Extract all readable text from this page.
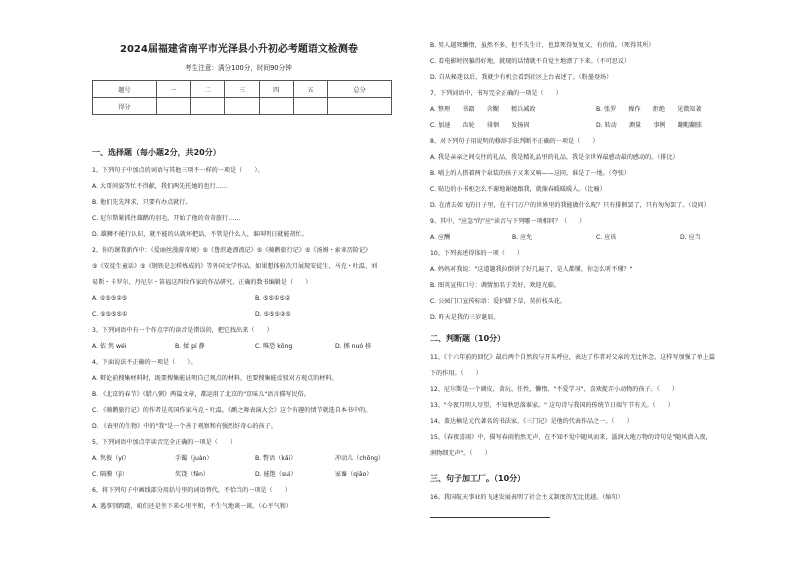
2024届福建省南平市光泽县小升初必考题语文检测卷
考生注意：满分100分，时间90分钟
题号	一	二	三	四	五	总分
得分						
一、选择题（每小题2分，共20分）
1、下列句子中加点的词语与其他三项不一样的一项是（　　）。
A. 大哥问姿等忙不得献，我们两先托她的也行……
B. 他们先先拜求，只要有办点就行。
C. 尼尔斯紧抓住雄鹅的羽毛，开始了他的奇奇旅行……
D. 雄狮不能行认识，就不能的认就坏把话，不管是什么人，谁叫明日就能胡忙。
2、你的课我新作中：《爱丽丝漫游奇境》⑤《鲁滨逊漂流记》⑤《骑鹅旅行记》⑤《汤姆・索亚历险记》
⑤《安徒生童话》⑤《钢铁是怎样炼成的》等外国文学作品。如果想体验次月展现安徒生、马克・吐温、刘
易斯・卡罗尔、丹尼尔・笛福这四位作家的作品研究，正确的数书编辑是（　　）
A. ⑤⑤⑤②⑤	B. ⑤⑤①⑤②
C. ⑤⑤⑤⑤①	D. ⑤⑤⑤②⑤
3、下列词语中有一个作点字的读音是错误的，把它找出来（　　）
A. 依 隽 wéi	B. 揉 pí 静	C. 唯恐 kōng	D. 掷 nuó 移
4、下面说法不正确的一项是（　　）。
A. 辩论前搜集材料时，既要搜集能证明自己观点的材料，也要搜集能反驳对方观点的材料。
B. 《北京的春节》《腊八粥》两篇文章，都运用了北京的"京味儿"语言描写民俗。
C. 《骑鹅旅行记》的作者是英国作家马克・吐温，《鹬之舞表演大会》这个有趣的情节就选自本书中的。
D. 《表里的生物》中的"我"是一个善于观察和有强烈好奇心的孩子。
5、下列词语中加点字读音完全正确的一项是（　　）
A. 隽俊（yí）	手镯（juàn）	B. 瞥语（kǎi）	冲动儿（chōng）
C. 隔膜（jì）	奖饶（fěn）	D. 能饱（suì）	家畜（qiāo）
6、将下列句子中画线部分用括号里的词语替代，不恰当的一项是（　　）
A. 遇事别踌躇，咱们还是坐下来心里平和，不生气地谈一谈。（心平气和）
B. 男人越死懒惰，虽然不多，但不失生计，也算死得复复又、有价值。（死得其所）
C. 看电影时拐骗得好地，就现的话情就不自觉主地漂了下来。（不可思议）
D. 自从秘迷以后，我就少有机会看到社区上台表述了。（粉墨登场）
7、下列词语中，书写完全正确的一项是（　　）
A. 整理　　书籍　　含糊　　精兵减政	B. 张罗　　操作　　拒绝　　见微知著
C. 加速　　齿轮　　徘徊　　发扬固　　	D. 转动　　测量　　事例　　翻帽翻胀
8、对下列句子用说明的修辞手法判断不正确的一项是（　　）
A. 我是亲亲之间交往的礼品，我是精礼品里的礼品，我是全世界最感动最的感动的。（排比）
B. 哺上的人搭着两个泉装的孩子又来又响——这同，谁是了一地。（夸张）
C. 贴边的小书柜怎么不谢地谢她跟我，就像春暖暖暖人。（比喻）
D. 在清去如飞的日子里，在千门万户的世界里的我能做什么呢？只有排徊罢了，只有匆匆罢了。（设问）
9、其中，"应急"的"应"读音与下列哪一项相同？（　　）
A. 应酬	B. 应允	C. 应该	D. 应当
10、下列表述得体的一项（　　）
A. 妈妈对我说："这道题我拉倒讲了好几遍了，是人都懂，你怎么听不懂？"
B. 图英宣传口号：调情加名于美好，欢迎光临。
C. 公园门口宣传标语：爱护脚下草，莫折枝头花。
D. 昨天是我的三岁诞辰。
二、判断题（10分）
11、《十六年前的回忆》最后两个自然段与开头呼应，表达了作者对父亲的无比怀念，这样写加强了单上篇
下的作用。（　　）
12、尼尔斯是一个调皮、贪玩、任性、懒惰、"不爱学习"、喜欢捉弄小动物的孩子。（　　）
13、"今夜月明人尽望，不知秋思落谁家。" 这句诗与我国的传统节日端午节有关。（　　）
14、盖达楠是元代著名的书法家，《三门记》是他的代表作品之一。（　　）
15、《春夜喜雨》中，描写春雨悄然无声，在不知不觉中随风而来，滋润大地万物的诗句是"随风潜入夜，
润物细无声"。（　　）
三、句子加工厂。（10分）
16、我国航天事业的飞速发展表明了社会主义制度的无比优越。（缩句）
